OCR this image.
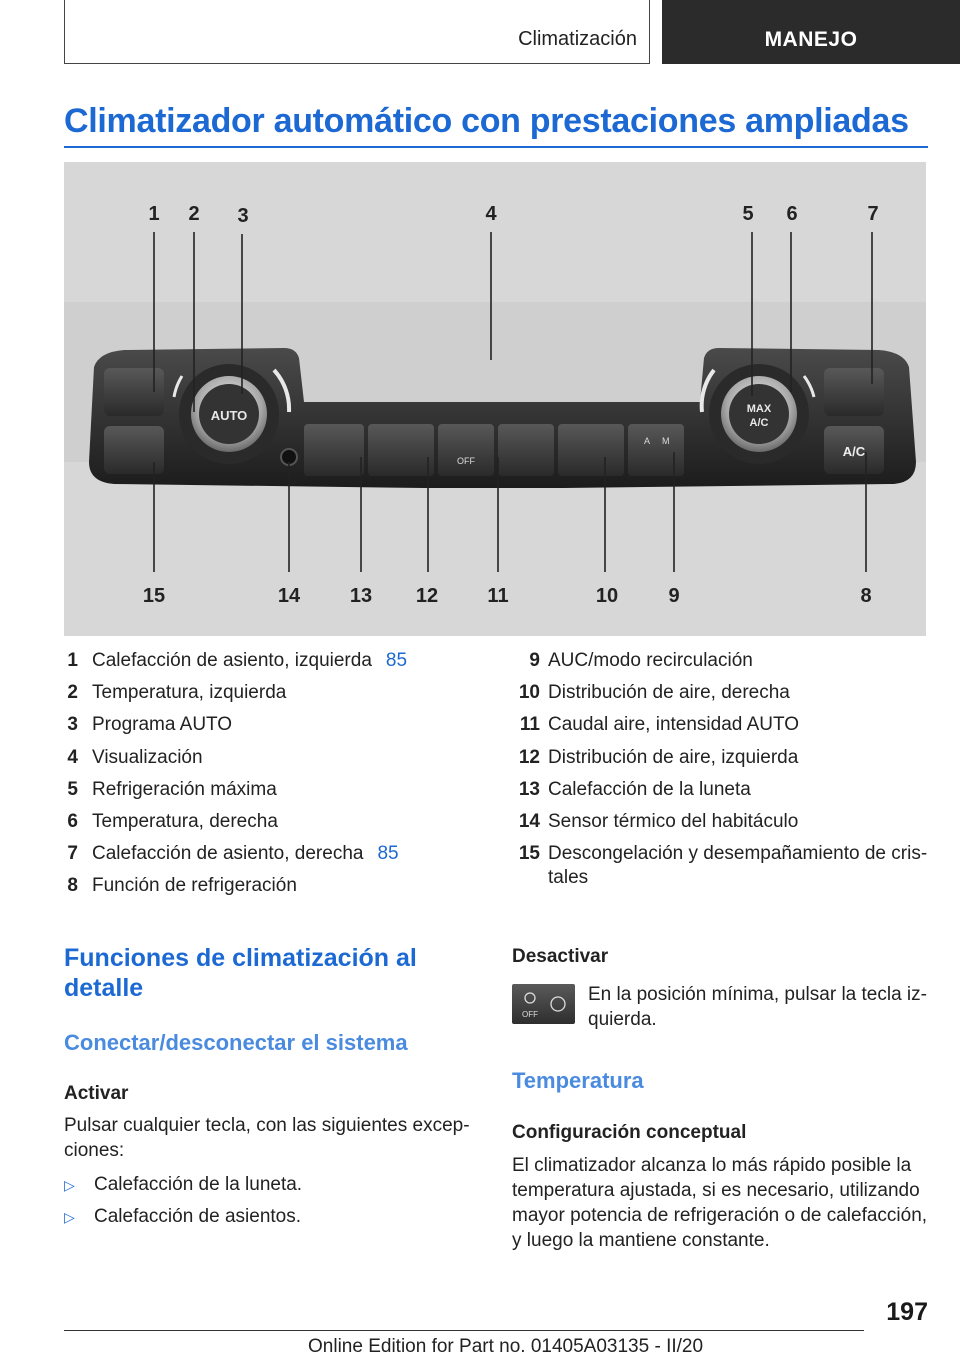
Climatización	MANEJO
Climatizador automático con prestaciones ampliadas
AUTO
OFF
A M
MAX
A/C
A/C
1 2 3	4	5 6	7
15	14 13 12 11	10	9	8
1 Calefacción de asiento, izquierda 85
2 Temperatura, izquierda
3 Programa AUTO
4 Visualización
5 Refrigeración máxima
6 Temperatura, derecha
7 Calefacción de asiento, derecha 85
8 Función de refrigeración
9 AUC/modo recirculación
10 Distribución de aire, derecha
11 Caudal aire, intensidad AUTO
12 Distribución de aire, izquierda
13 Calefacción de la luneta
14 Sensor térmico del habitáculo
15 Descongelación y desempañamiento de cris-tales
Funciones de climatización al
detalle
Conectar/desconectar el sistema
Activar
Pulsar cualquier tecla, con las siguientes excep-
ciones:
▷	Calefacción de la luneta.
▷	Calefacción de asientos.
Desactivar
OFF
En la posición mínima, pulsar la tecla iz-
quierda.
Temperatura
Configuración conceptual
El climatizador alcanza lo más rápido posible la
temperatura ajustada, si es necesario, utilizando
mayor potencia de refrigeración o de calefacción,
y luego la mantiene constante.
197
Online Edition for Part no. 01405A03135 - II/20
